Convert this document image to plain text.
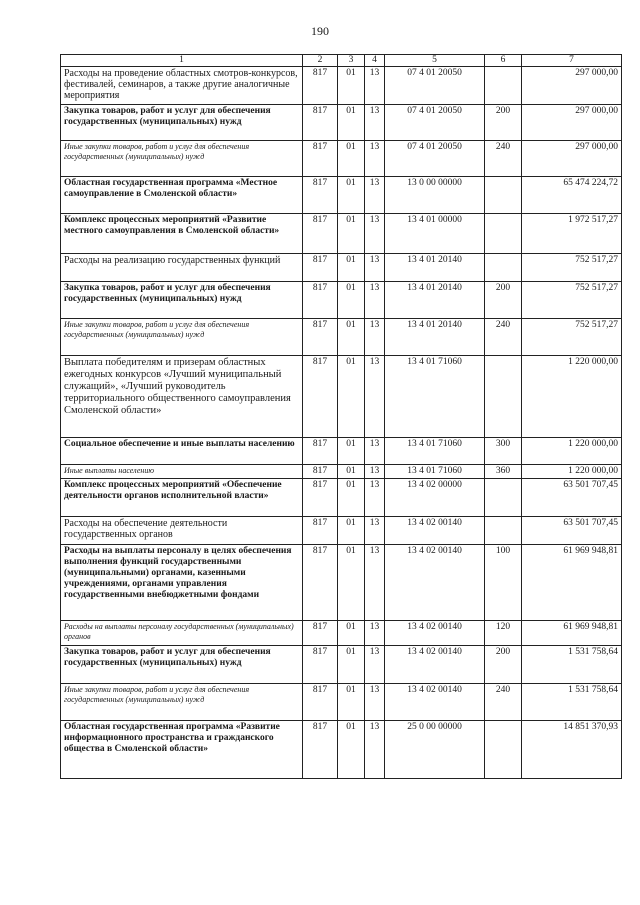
190
1	2	3	4	5	6	7
Расходы на проведение областных смотров-конкурсов, фестивалей, семинаров, а также другие аналогичные мероприятия	817	01	13	07 4 01 20050		297 000,00
Закупка товаров, работ и услуг для обеспечения государственных (муниципальных) нужд	817	01	13	07 4 01 20050	200	297 000,00
Иные закупки товаров, работ и услуг для обеспечения государственных (муниципальных) нужд	817	01	13	07 4 01 20050	240	297 000,00
Областная государственная программа «Местное самоуправление в Смоленской области»	817	01	13	13 0 00 00000		65 474 224,72
Комплекс процессных мероприятий «Развитие местного самоуправления в Смоленской области»	817	01	13	13 4 01 00000		1 972 517,27
Расходы на реализацию государственных функций	817	01	13	13 4 01 20140		752 517,27
Закупка товаров, работ и услуг для обеспечения государственных (муниципальных) нужд	817	01	13	13 4 01 20140	200	752 517,27
Иные закупки товаров, работ и услуг для обеспечения государственных (муниципальных) нужд	817	01	13	13 4 01 20140	240	752 517,27
Выплата победителям и призерам областных ежегодных конкурсов «Лучший муниципальный служащий», «Лучший руководитель территориального общественного самоуправления Смоленской области»	817	01	13	13 4 01 71060		1 220 000,00
Социальное обеспечение и иные выплаты населению	817	01	13	13 4 01 71060	300	1 220 000,00
Иные выплаты населению	817	01	13	13 4 01 71060	360	1 220 000,00
Комплекс процессных мероприятий «Обеспечение деятельности органов исполнительной власти»	817	01	13	13 4 02 00000		63 501 707,45
Расходы на обеспечение деятельности государственных органов	817	01	13	13 4 02 00140		63 501 707,45
Расходы на выплаты персоналу в целях обеспечения выполнения функций государственными (муниципальными) органами, казенными учреждениями, органами управления государственными внебюджетными фондами	817	01	13	13 4 02 00140	100	61 969 948,81
Расходы на выплаты персоналу государственных (муниципальных) органов	817	01	13	13 4 02 00140	120	61 969 948,81
Закупка товаров, работ и услуг для обеспечения государственных (муниципальных) нужд	817	01	13	13 4 02 00140	200	1 531 758,64
Иные закупки товаров, работ и услуг для обеспечения государственных (муниципальных) нужд	817	01	13	13 4 02 00140	240	1 531 758,64
Областная государственная программа «Развитие информационного пространства и гражданского общества в Смоленской области»	817	01	13	25 0 00 00000		14 851 370,93
